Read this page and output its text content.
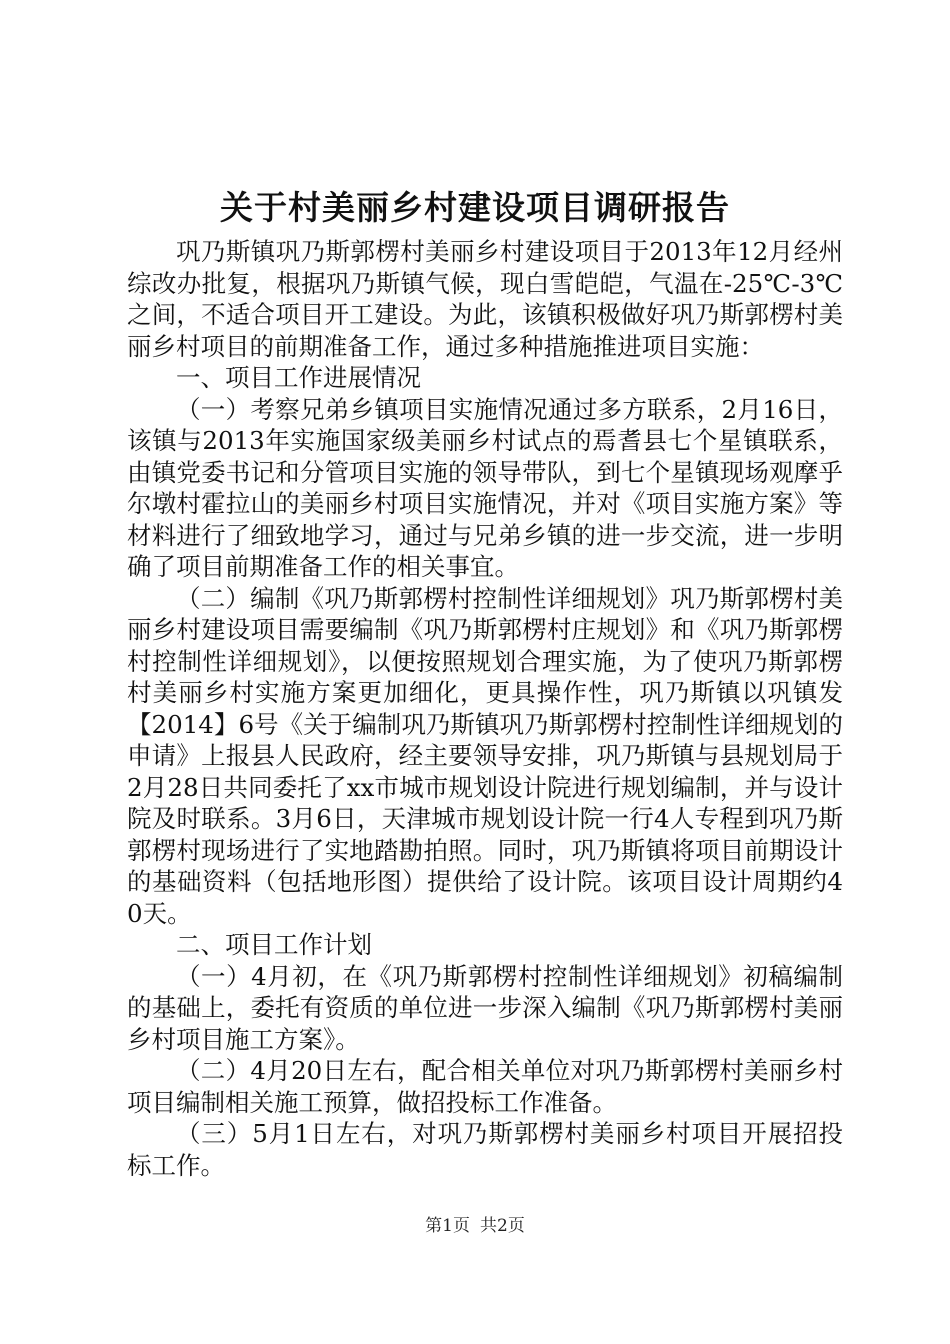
关于村美丽乡村建设项目调研报告

巩乃斯镇巩乃斯郭楞村美丽乡村建设项目于2013年12月经州综改办批复，根据巩乃斯镇气候，现白雪皑皑，气温在-25℃-3℃之间，不适合项目开工建设。为此，该镇积极做好巩乃斯郭楞村美丽乡村项目的前期准备工作，通过多种措施推进项目实施：

一、项目工作进展情况

（一）考察兄弟乡镇项目实施情况通过多方联系，2月16日，该镇与2013年实施国家级美丽乡村试点的焉耆县七个星镇联系，由镇党委书记和分管项目实施的领导带队，到七个星镇现场观摩乎尔墩村霍拉山的美丽乡村项目实施情况，并对《项目实施方案》等材料进行了细致地学习，通过与兄弟乡镇的进一步交流，进一步明确了项目前期准备工作的相关事宜。

（二）编制《巩乃斯郭楞村控制性详细规划》巩乃斯郭楞村美丽乡村建设项目需要编制《巩乃斯郭楞村庄规划》和《巩乃斯郭楞村控制性详细规划》，以便按照规划合理实施，为了使巩乃斯郭楞村美丽乡村实施方案更加细化，更具操作性，巩乃斯镇以巩镇发【2014】6号《关于编制巩乃斯镇巩乃斯郭楞村控制性详细规划的申请》上报县人民政府，经主要领导安排，巩乃斯镇与县规划局于2月28日共同委托了xx市城市规划设计院进行规划编制，并与设计院及时联系。3月6日，天津城市规划设计院一行4人专程到巩乃斯郭楞村现场进行了实地踏勘拍照。同时，巩乃斯镇将项目前期设计的基础资料（包括地形图）提供给了设计院。该项目设计周期约40天。

二、项目工作计划

（一）4月初，在《巩乃斯郭楞村控制性详细规划》初稿编制的基础上，委托有资质的单位进一步深入编制《巩乃斯郭楞村美丽乡村项目施工方案》。

（二）4月20日左右，配合相关单位对巩乃斯郭楞村美丽乡村项目编制相关施工预算，做招投标工作准备。

（三）5月1日左右，对巩乃斯郭楞村美丽乡村项目开展招投标工作。

第1页 共2页
